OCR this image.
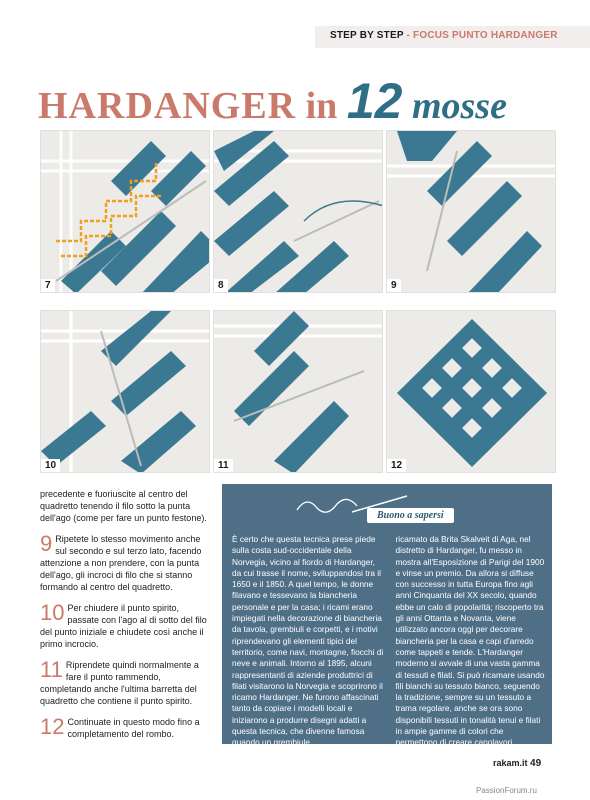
STEP BY STEP - FOCUS PUNTO HARDANGER
HARDANGER in 12 mosse
7	8	9
10	11	12

precedente e fuoriuscite al centro del quadretto tenendo il filo sotto la punta dell'ago (come per fare un punto festone).

9 Ripetete lo stesso movimento anche sul secondo e sul terzo lato, facendo attenzione a non prendere, con la punta dell'ago, gli incroci di filo che si stanno formando al centro del quadretto.

10 Per chiudere il punto spirito, passate con l'ago al di sotto del filo del punto iniziale e chiudete così anche il primo incrocio.

11 Riprendete quindi normalmente a fare il punto rammendo, completando anche l'ultima barretta del quadretto che contiene il punto spirito.

12 Continuate in questo modo fino a completamento del rombo.

Buono a sapersi
È certo che questa tecnica prese piede sulla costa sud-occidentale della Norvegia, vicino al fiordo di Hardanger, da cui trasse il nome, sviluppandosi tra il 1650 e il 1850. A quel tempo, le donne filavano e tessevano la biancheria personale e per la casa; i ricami erano impiegati nella decorazione di biancheria da tavola, grembiuli e corpetti, e i motivi riprendevano gli elementi tipici del territorio, come navi, montagne, fiocchi di neve e animali. Intorno al 1895, alcuni rappresentanti di aziende produttrici di filati visitarono la Norvegia e scoprirono il ricamo Hardanger. Ne furono affascinati tanto da copiare i modelli locali e iniziarono a produrre disegni adatti a questa tecnica, che divenne famosa quando un grembiule
ricamato da Brita Skalveit di Aga, nel distretto di Hardanger, fu messo in mostra all'Esposizione di Parigi del 1900 e vinse un premio. Da allora si diffuse con successo in tutta Europa fino agli anni Cinquanta del XX secolo, quando ebbe un calo di popolarità; riscoperto tra gli anni Ottanta e Novanta, viene utilizzato ancora oggi per decorare biancheria per la casa e capi d'arredo come tappeti e tende. L'Hardanger moderno si avvale di una vasta gamma di tessuti e filati. Si può ricamare usando fili bianchi su tessuto bianco, seguendo la tradizione, sempre su un tessuto a trama regolare, anche se ora sono disponibili tessuti in tonalità tenui e filati in ampie gamme di colori che permettono di creare capolavori.
rakam.it 49
PassionForum.ru
